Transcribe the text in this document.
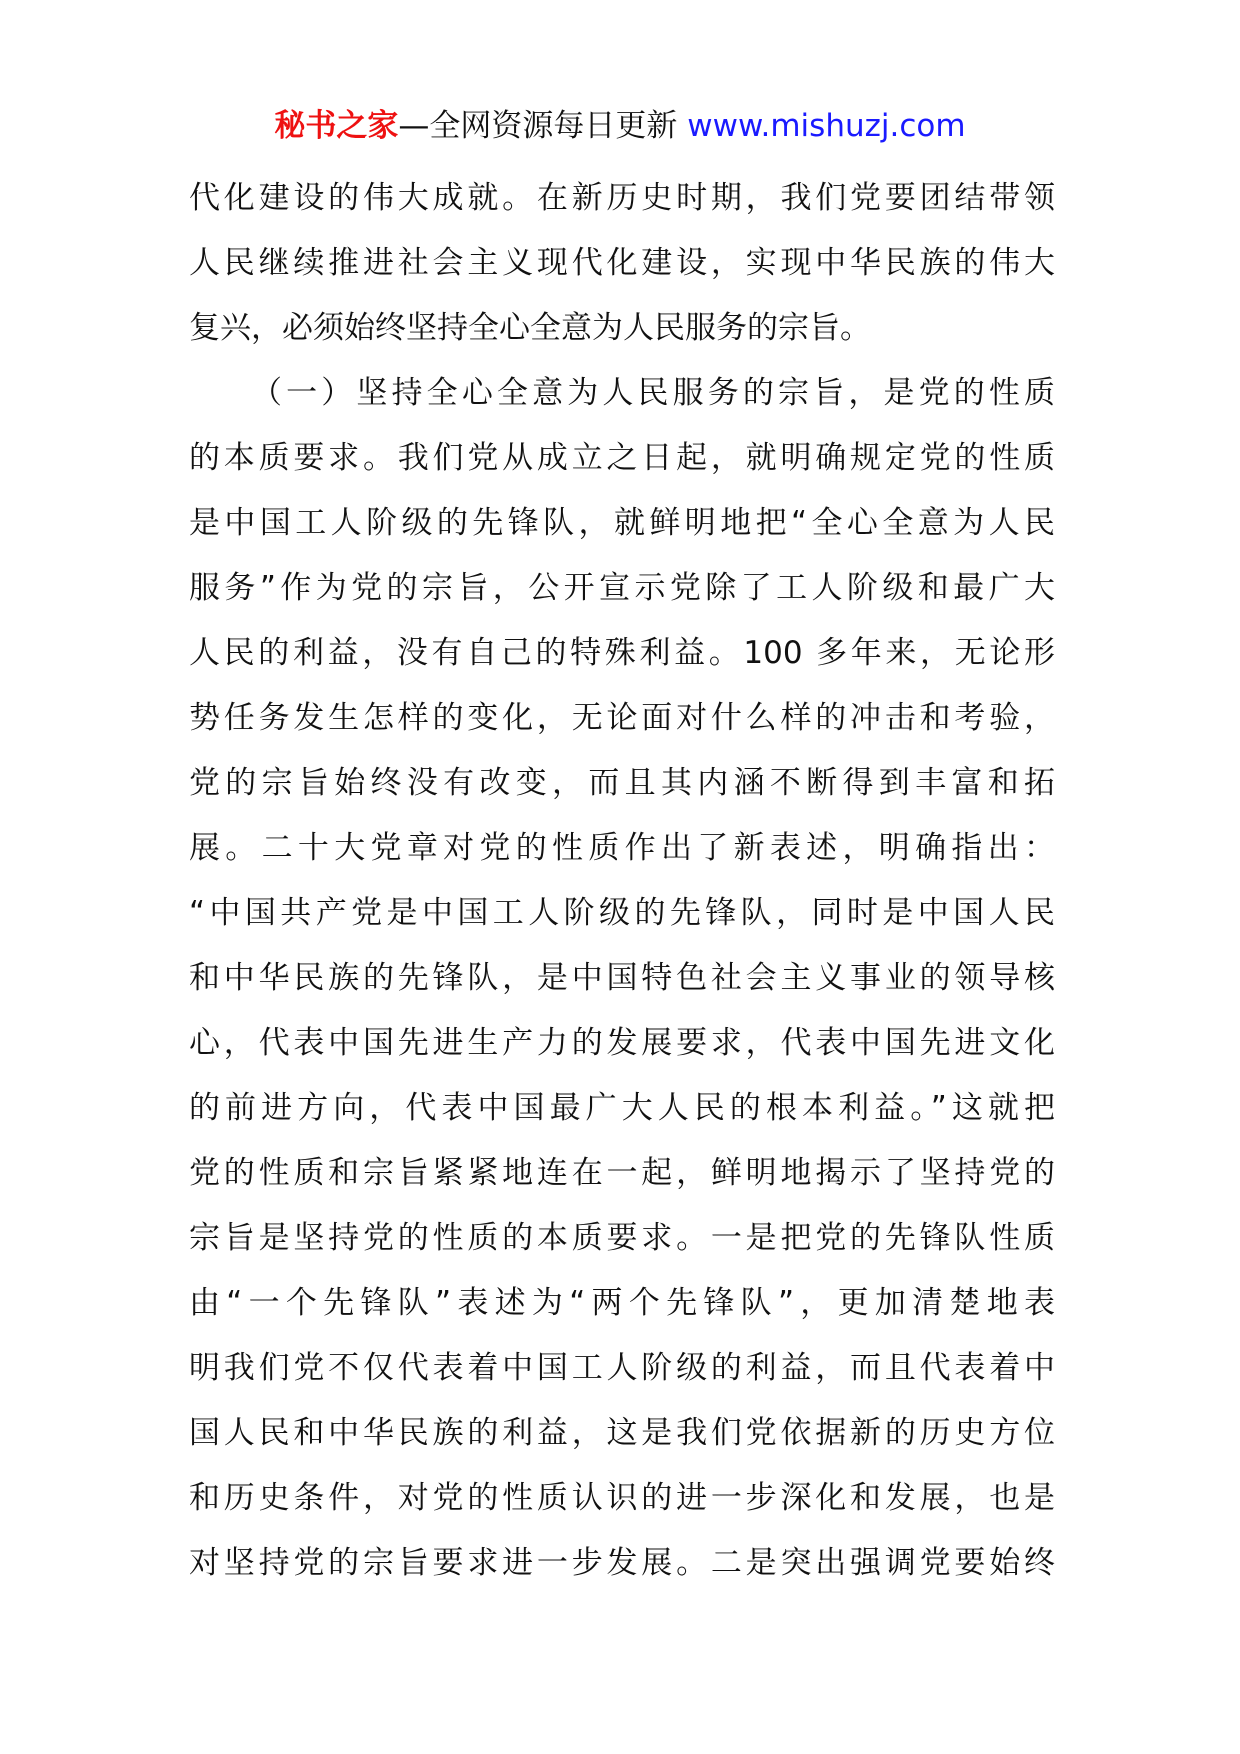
秘书之家—全网资源每日更新 www.mishuzj.com
代化建设的伟大成就。在新历史时期，我们党要团结带领
人民继续推进社会主义现代化建设，实现中华民族的伟大
复兴，必须始终坚持全心全意为人民服务的宗旨。
（一）坚持全心全意为人民服务的宗旨，是党的性质
的本质要求。我们党从成立之日起，就明确规定党的性质
是中国工人阶级的先锋队，就鲜明地把“全心全意为人民
服务”作为党的宗旨，公开宣示党除了工人阶级和最广大
人民的利益，没有自己的特殊利益。100 多年来，无论形
势任务发生怎样的变化，无论面对什么样的冲击和考验，
党的宗旨始终没有改变，而且其内涵不断得到丰富和拓
展。二十大党章对党的性质作出了新表述，明确指出：
“中国共产党是中国工人阶级的先锋队，同时是中国人民
和中华民族的先锋队，是中国特色社会主义事业的领导核
心，代表中国先进生产力的发展要求，代表中国先进文化
的前进方向，代表中国最广大人民的根本利益。”这就把
党的性质和宗旨紧紧地连在一起，鲜明地揭示了坚持党的
宗旨是坚持党的性质的本质要求。一是把党的先锋队性质
由“一个先锋队”表述为“两个先锋队”，更加清楚地表
明我们党不仅代表着中国工人阶级的利益，而且代表着中
国人民和中华民族的利益，这是我们党依据新的历史方位
和历史条件，对党的性质认识的进一步深化和发展，也是
对坚持党的宗旨要求进一步发展。二是突出强调党要始终
